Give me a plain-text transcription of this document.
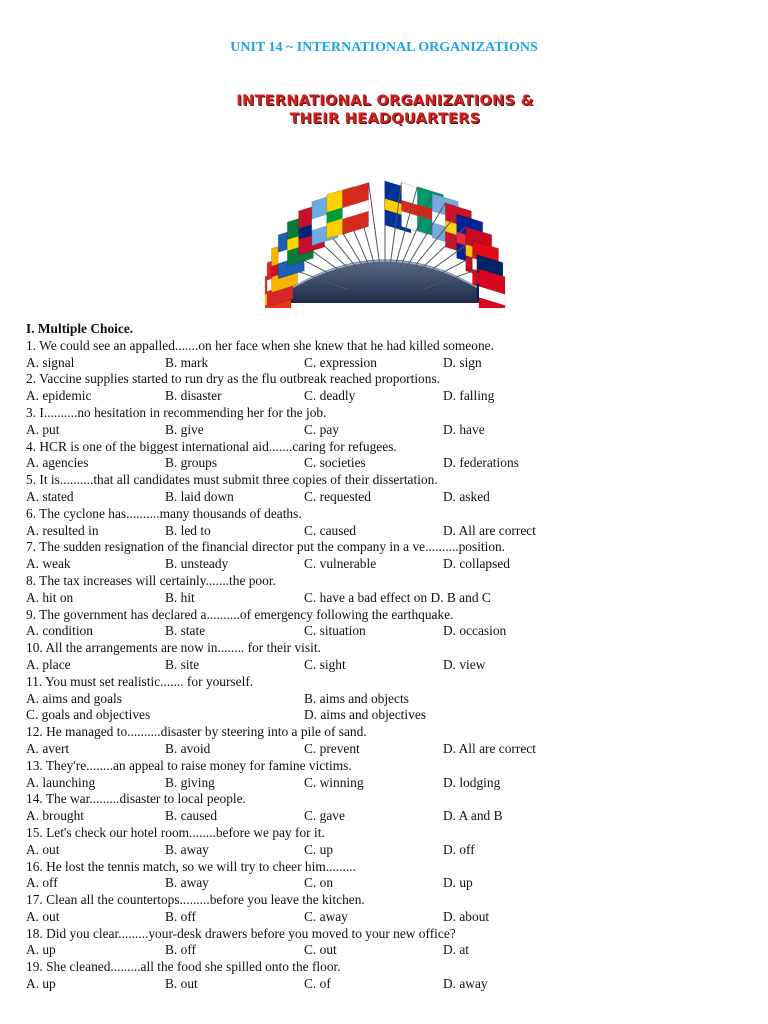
UNIT 14 ~ INTERNATIONAL ORGANIZATIONS
INTERNATIONAL ORGANIZATIONS &
THEIR HEADQUARTERS
I. Multiple Choice.
1. We could see an appalled.......on her face when she knew that he had killed someone.
A. signal	B. mark	C. expression	D. sign
2. Vaccine supplies started to run dry as the flu outbreak reached proportions.
A. epidemic	B. disaster	C. deadly	D. falling
3. I..........no hesitation in recommending her for the job.
A. put	B. give	C. pay	D. have
4. HCR is one of the biggest international aid.......caring for refugees.
A. agencies	B. groups	C. societies	D. federations
5. It is..........that all candidates must submit three copies of their dissertation.
A. stated	B. laid down	C. requested	D. asked
6. The cyclone has..........many thousands of deaths.
A. resulted in	B. led to	C. caused	D. All are correct
7. The sudden resignation of the financial director put the company in a ve..........position.
A. weak	B. unsteady	C. vulnerable	D. collapsed
8. The tax increases will certainly.......the poor.
A. hit on	B. hit	C. have a bad effect on D. B and C
9. The government has declared a..........of emergency following the earthquake.
A. condition	B. state	C. situation	D. occasion
10. All the arrangements are now in........ for their visit.
A. place	B. site	C. sight	D. view
11. You must set realistic....... for yourself.
A. aims and goals	B. aims and objects
C. goals and objectives	D. aims and objectives
12. He managed to..........disaster by steering into a pile of sand.
A. avert	B. avoid	C. prevent	D. All are correct
13. They're........an appeal to raise money for famine victims.
A. launching	B. giving	C. winning	D. lodging
14. The war.........disaster to local people.
A. brought	B. caused	C. gave	D. A and B
15. Let's check our hotel room........before we pay for it.
A. out	B. away	C. up	D. off
16. He lost the tennis match, so we will try to cheer him.........
A. off	B. away	C. on	D. up
17. Clean all the countertops.........before you leave the kitchen.
A. out	B. off	C. away	D. about
18. Did you clear.........your-desk drawers before you moved to your new office?
A. up	B. off	C. out	D. at
19. She cleaned.........all the food she spilled onto the floor.
A. up	B. out	C. of	D. away
